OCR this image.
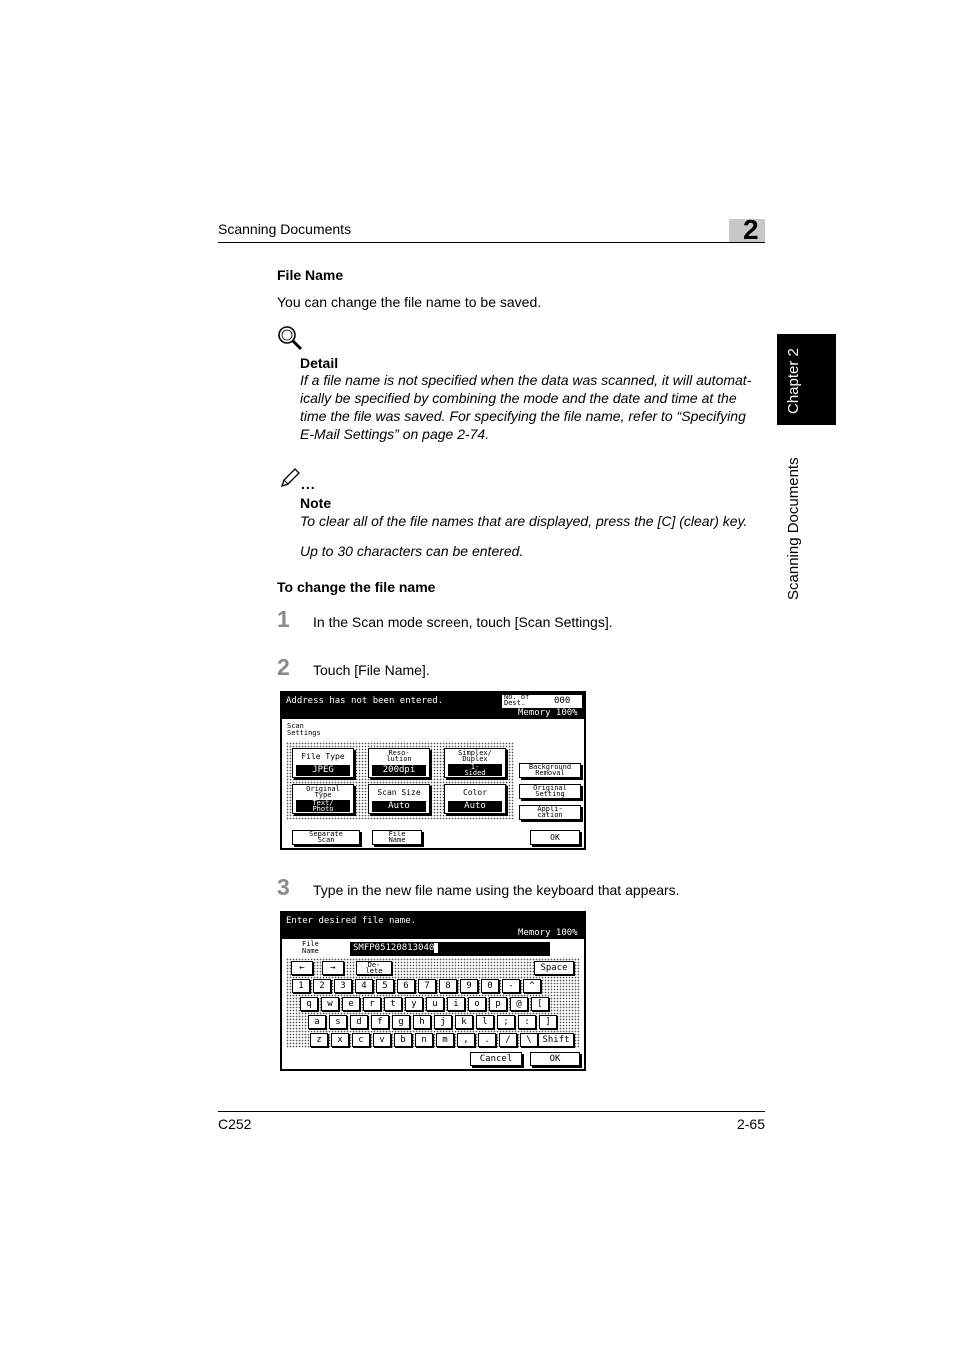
Scanning Documents	2
Chapter 2
Scanning Documents
File Name
You can change the file name to be saved.
Detail
If a file name is not specified when the data was scanned, it will automat-
ically be specified by combining the mode and the date and time at the
time the file was saved. For specifying the file name, refer to “Specifying
E-Mail Settings” on page 2-74.
...
Note
To clear all of the file names that are displayed, press the [C] (clear) key.
Up to 30 characters can be entered.
To change the file name
1 In the Scan mode screen, touch [Scan Settings].
2 Touch [File Name].
Address has not been entered.	No. of
Dest.	000
Memory 100%
Scan
Settings
File Type
JPEG
Reso-
lution
200dpi
Simplex/
Duplex
1-
Sided
Original
Type
Text/
Photo
Scan Size
Auto
Color
Auto
Background
Removal
Original
Setting
Appli-
cation
Separate
Scan
File
Name	OK
3 Type in the new file name using the keyboard that appears.
Enter desired file name.
Memory 100%
File
Name	SMFP05120813040
←	→	De-
lete	Space
1	2	3	4	5	6	7	8	9	0	-	^
q	w	e	r	t	y	u	i	o	p	@	[
a	s	d	f	g	h	j	k	l	;	:	]
z	x	c	v	b	n	m	,	.	/	\	Shift
Cancel	OK
C252	2-65
